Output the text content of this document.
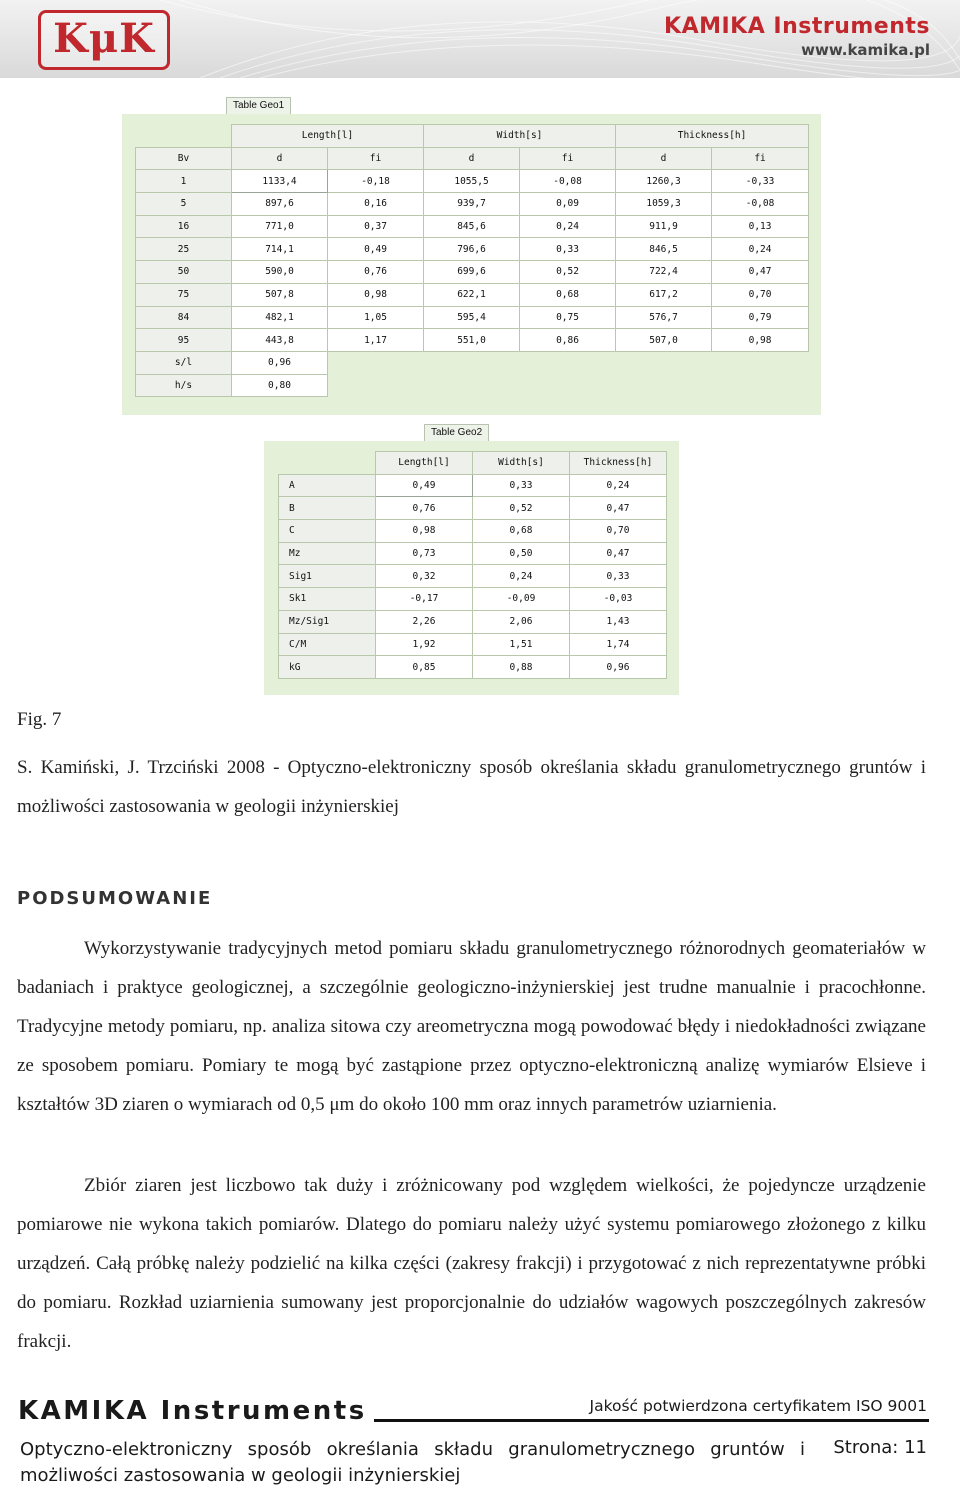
KμK	KAMIKA Instruments
www.kamika.pl
Table Geo1
	Length[l]		Width[s]		Thickness[h]	
Bv	d	fi	d	fi	d	fi
1	1133,4	-0,18	1055,5	-0,08	1260,3	-0,33
5	897,6	0,16	939,7	0,09	1059,3	-0,08
16	771,0	0,37	845,6	0,24	911,9	0,13
25	714,1	0,49	796,6	0,33	846,5	0,24
50	590,0	0,76	699,6	0,52	722,4	0,47
75	507,8	0,98	622,1	0,68	617,2	0,70
84	482,1	1,05	595,4	0,75	576,7	0,79
95	443,8	1,17	551,0	0,86	507,0	0,98
s/l	0,96					
h/s	0,80					
Table Geo2
	Length[l]	Width[s]	Thickness[h]
A	0,49	0,33	0,24
B	0,76	0,52	0,47
C	0,98	0,68	0,70
Mz	0,73	0,50	0,47
Sig1	0,32	0,24	0,33
Sk1	-0,17	-0,09	-0,03
Mz/Sig1	2,26	2,06	1,43
C/M	1,92	1,51	1,74
kG	0,85	0,88	0,96
Fig. 7
S. Kamiński, J. Trzciński 2008 - Optyczno-elektroniczny sposób określania składu granulometrycznego gruntów i możliwości zastosowania w geologii inżynierskiej
PODSUMOWANIE
Wykorzystywanie tradycyjnych metod pomiaru składu granulometrycznego różnorodnych geomateriałów w badaniach i praktyce geologicznej, a szczególnie geologiczno-inżynierskiej jest trudne manualnie i pracochłonne. Tradycyjne metody pomiaru, np. analiza sitowa czy areometryczna mogą powodować błędy i niedokładności związane ze sposobem pomiaru. Pomiary te mogą być zastąpione przez optyczno-elektroniczną analizę wymiarów Elsieve i kształtów 3D ziaren o wymiarach od 0,5 μm do około 100 mm oraz innych parametrów uziarnienia.
Zbiór ziaren jest liczbowo tak duży i zróżnicowany pod względem wielkości, że pojedyncze urządzenie pomiarowe nie wykona takich pomiarów. Dlatego do pomiaru należy użyć systemu pomiarowego złożonego z kilku urządzeń. Całą próbkę należy podzielić na kilka części (zakresy frakcji) i przygotować z nich reprezentatywne próbki do pomiaru. Rozkład uziarnienia sumowany jest proporcjonalnie do udziałów wagowych poszczególnych zakresów frakcji.
KAMIKA Instruments	Jakość potwierdzona certyfikatem ISO 9001
Optyczno-elektroniczny sposób określania składu granulometrycznego gruntów i możliwości zastosowania w geologii inżynierskiej
Strona: 11
